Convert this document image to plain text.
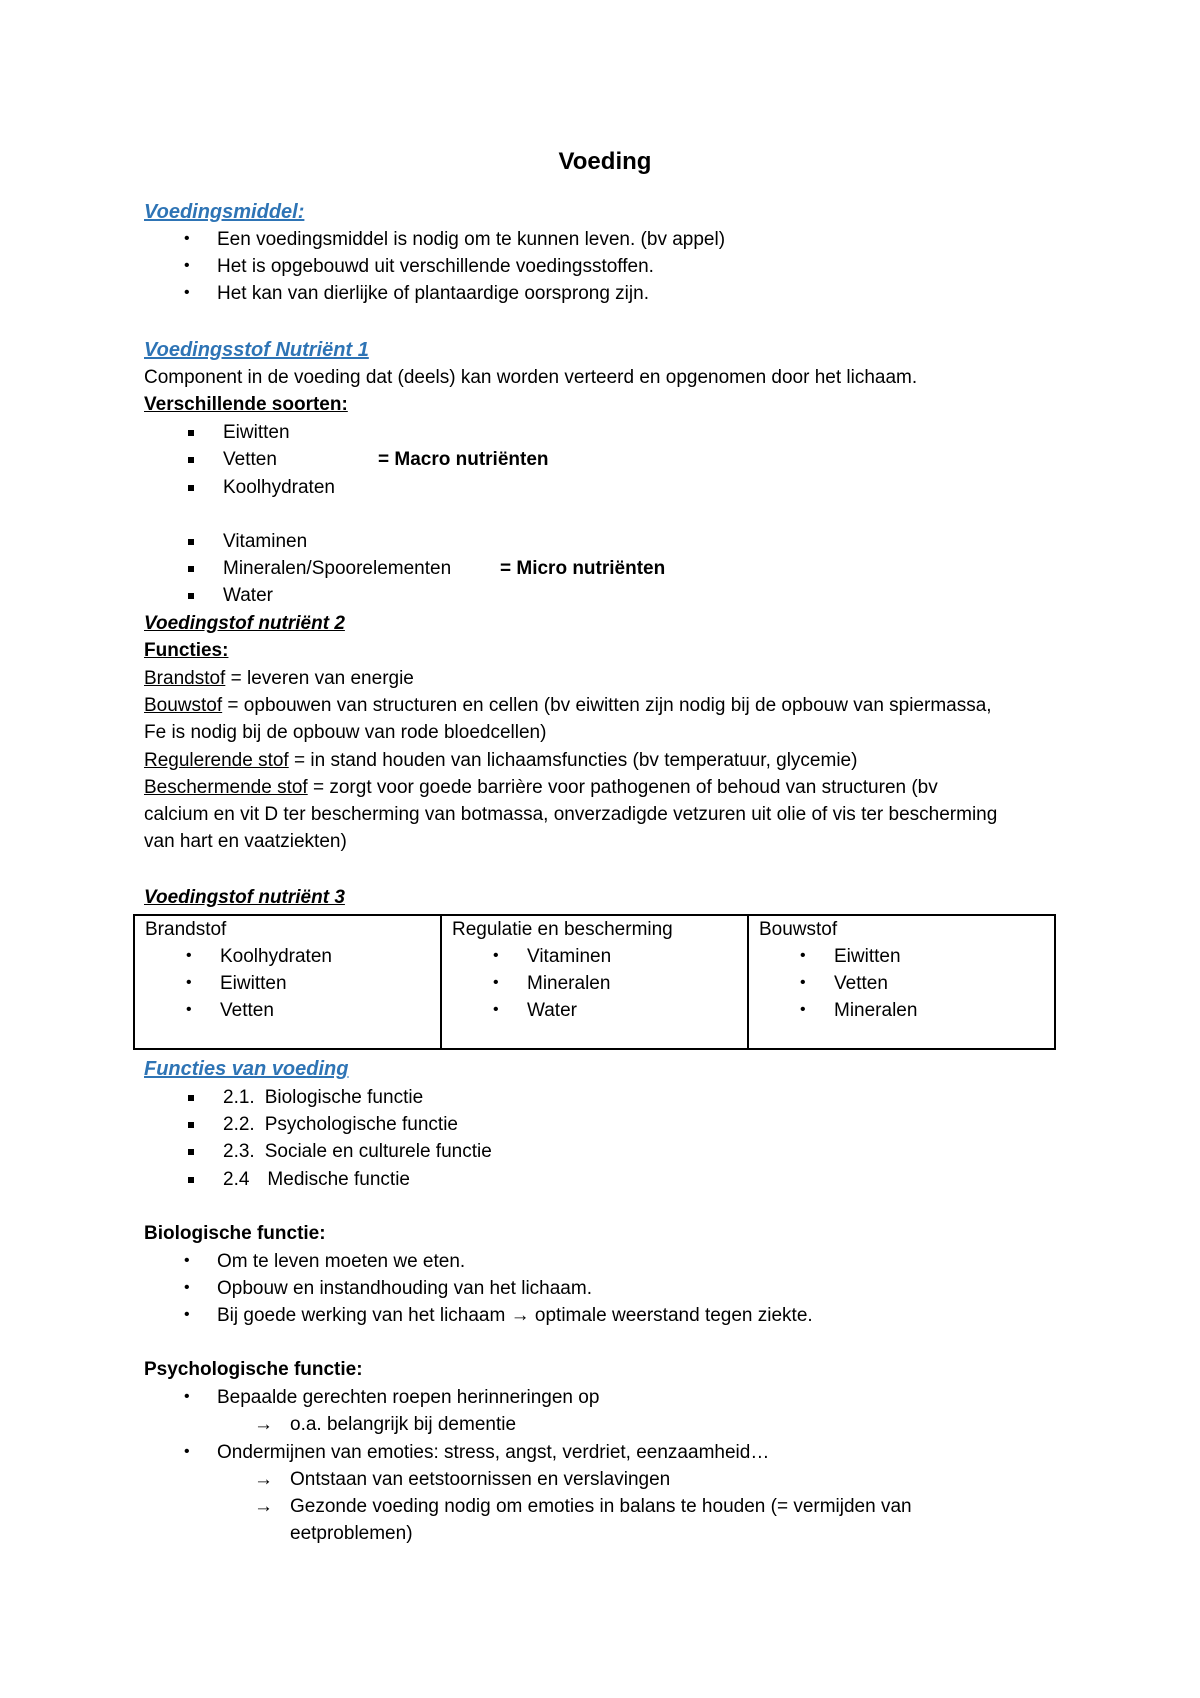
Voeding
Voedingsmiddel:
• Een voedingsmiddel is nodig om te kunnen leven. (bv appel)
• Het is opgebouwd uit verschillende voedingsstoffen.
• Het kan van dierlijke of plantaardige oorsprong zijn.
Voedingsstof Nutriënt 1
Component in de voeding dat (deels) kan worden verteerd en opgenomen door het lichaam.
Verschillende soorten:
Eiwitten
Vetten	= Macro nutriënten
Koolhydraten
Vitaminen
Mineralen/Spoorelementen	= Micro nutriënten
Water
Voedingstof nutriënt 2
Functies:
Brandstof = leveren van energie
Bouwstof = opbouwen van structuren en cellen (bv eiwitten zijn nodig bij de opbouw van spiermassa,
Fe is nodig bij de opbouw van rode bloedcellen)
Regulerende stof = in stand houden van lichaamsfuncties (bv temperatuur, glycemie)
Beschermende stof = zorgt voor goede barrière voor pathogenen of behoud van structuren (bv
calcium en vit D ter bescherming van botmassa, onverzadigde vetzuren uit olie of vis ter bescherming
van hart en vaatziekten)
Voedingstof nutriënt 3
Brandstof
• Koolhydraten
• Eiwitten
• Vetten

Regulatie en bescherming
• Vitaminen
• Mineralen
• Water

Bouwstof
• Eiwitten
• Vetten
• Mineralen
Functies van voeding
2.1. Biologische functie
2.2. Psychologische functie
2.3. Sociale en culturele functie
2.4 Medische functie
Biologische functie:
• Om te leven moeten we eten.
• Opbouw en instandhouding van het lichaam.
• Bij goede werking van het lichaam → optimale weerstand tegen ziekte.
Psychologische functie:
• Bepaalde gerechten roepen herinneringen op
→ o.a. belangrijk bij dementie
• Ondermijnen van emoties: stress, angst, verdriet, eenzaamheid…
→ Ontstaan van eetstoornissen en verslavingen
→ Gezonde voeding nodig om emoties in balans te houden (= vermijden van
eetproblemen)
